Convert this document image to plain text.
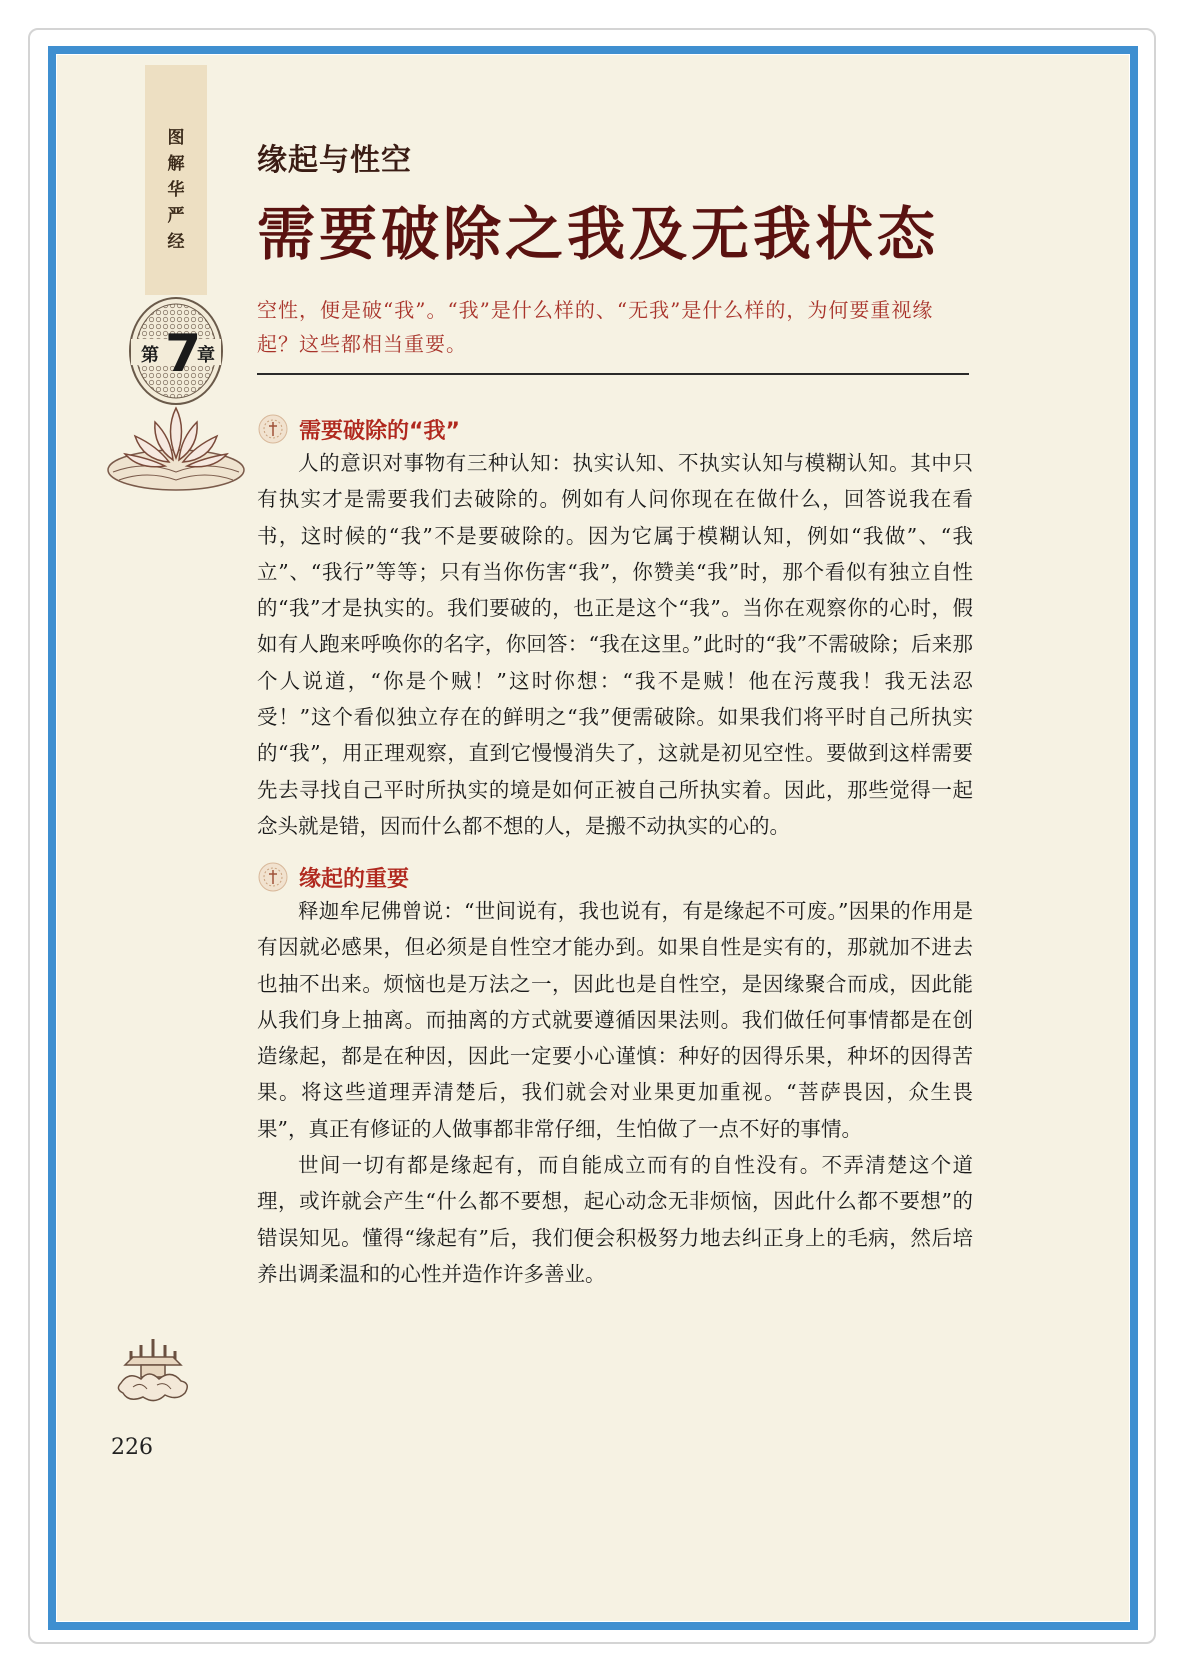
图
解
华
严
经
第 7
章
缘起与性空
需要破除之我及无我状态
空性，便是破“我”。“我”是什么样的、“无我”是什么样的，为何要重视缘起？这些都相当重要。
需要破除的“我”

人的意识对事物有三种认知：执实认知、不执实认知与模糊认知。其中只有执实才是需要我们去破除的。例如有人问你现在在做什么，回答说我在看书，这时候的“我”不是要破除的。因为它属于模糊认知，例如“我做”、“我立”、“我行”等等；只有当你伤害“我”，你赞美“我”时，那个看似有独立自性的“我”才是执实的。我们要破的，也正是这个“我”。当你在观察你的心时，假如有人跑来呼唤你的名字，你回答：“我在这里。”此时的“我”不需破除；后来那个人说道，“你是个贼！”这时你想：“我不是贼！他在污蔑我！我无法忍受！”这个看似独立存在的鲜明之“我”便需破除。如果我们将平时自己所执实的“我”，用正理观察，直到它慢慢消失了，这就是初见空性。要做到这样需要先去寻找自己平时所执实的境是如何正被自己所执实着。因此，那些觉得一起念头就是错，因而什么都不想的人，是搬不动执实的心的。

缘起的重要

释迦牟尼佛曾说：“世间说有，我也说有，有是缘起不可废。”因果的作用是有因就必感果，但必须是自性空才能办到。如果自性是实有的，那就加不进去也抽不出来。烦恼也是万法之一，因此也是自性空，是因缘聚合而成，因此能从我们身上抽离。而抽离的方式就要遵循因果法则。我们做任何事情都是在创造缘起，都是在种因，因此一定要小心谨慎：种好的因得乐果，种坏的因得苦果。将这些道理弄清楚后，我们就会对业果更加重视。“菩萨畏因，众生畏果”，真正有修证的人做事都非常仔细，生怕做了一点不好的事情。

世间一切有都是缘起有，而自能成立而有的自性没有。不弄清楚这个道理，或许就会产生“什么都不要想，起心动念无非烦恼，因此什么都不要想”的错误知见。懂得“缘起有”后，我们便会积极努力地去纠正身上的毛病，然后培养出调柔温和的心性并造作许多善业。

226
